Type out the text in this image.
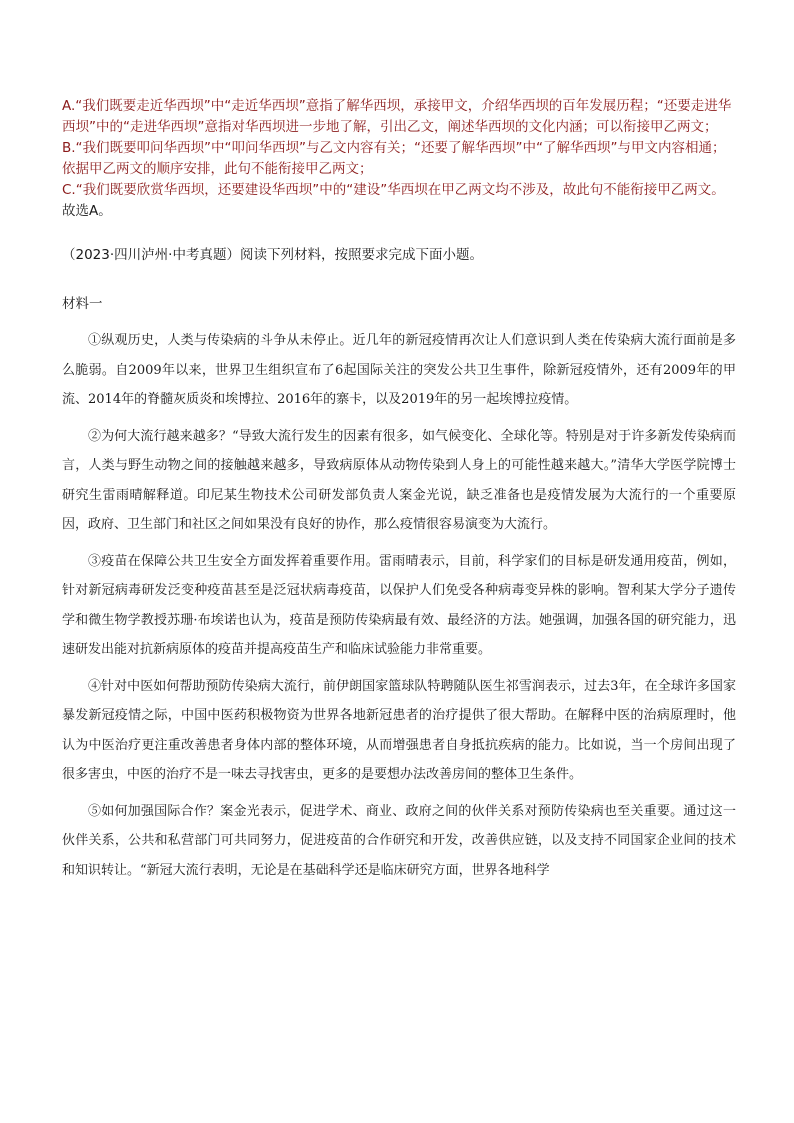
A.“我们既要走近华西坝”中“走近华西坝”意指了解华西坝，承接甲文，介绍华西坝的百年发展历程；“还要走进华西坝”中的“走进华西坝”意指对华西坝进一步地了解，引出乙文，阐述华西坝的文化内涵；可以衔接甲乙两文；

B.“我们既要叩问华西坝”中“叩问华西坝”与乙文内容有关；“还要了解华西坝”中“了解华西坝”与甲文内容相通；依据甲乙两文的顺序安排，此句不能衔接甲乙两文；

C.“我们既要欣赏华西坝，还要建设华西坝”中的“建设”华西坝在甲乙两文均不涉及，故此句不能衔接甲乙两文。

故选A。

（2023·四川泸州·中考真题）阅读下列材料，按照要求完成下面小题。
材料一

①纵观历史，人类与传染病的斗争从未停止。近几年的新冠疫情再次让人们意识到人类在传染病大流行面前是多么脆弱。自2009年以来，世界卫生组织宣布了6起国际关注的突发公共卫生事件，除新冠疫情外，还有2009年的甲流、2014年的脊髓灰质炎和埃博拉、2016年的寨卡，以及2019年的另一起埃博拉疫情。

②为何大流行越来越多？“导致大流行发生的因素有很多，如气候变化、全球化等。特别是对于许多新发传染病而言，人类与野生动物之间的接触越来越多，导致病原体从动物传染到人身上的可能性越来越大。”清华大学医学院博士研究生雷雨晴解释道。印尼某生物技术公司研发部负责人案金光说，缺乏准备也是疫情发展为大流行的一个重要原因，政府、卫生部门和社区之间如果没有良好的协作，那么疫情很容易演变为大流行。

③疫苗在保障公共卫生安全方面发挥着重要作用。雷雨晴表示，目前，科学家们的目标是研发通用疫苗，例如，针对新冠病毒研发泛变种疫苗甚至是泛冠状病毒疫苗，以保护人们免受各种病毒变异株的影响。智利某大学分子遗传学和微生物学教授苏珊·布埃诺也认为，疫苗是预防传染病最有效、最经济的方法。她强调，加强各国的研究能力，迅速研发出能对抗新病原体的疫苗并提高疫苗生产和临床试验能力非常重要。

④针对中医如何帮助预防传染病大流行，前伊朗国家篮球队特聘随队医生祁雪润表示，过去3年，在全球许多国家暴发新冠疫情之际，中国中医药积极物资为世界各地新冠患者的治疗提供了很大帮助。在解释中医的治病原理时，他认为中医治疗更注重改善患者身体内部的整体环境，从而增强患者自身抵抗疾病的能力。比如说，当一个房间出现了很多害虫，中医的治疗不是一味去寻找害虫，更多的是要想办法改善房间的整体卫生条件。

⑤如何加强国际合作？案金光表示，促进学术、商业、政府之间的伙伴关系对预防传染病也至关重要。通过这一伙伴关系，公共和私营部门可共同努力，促进疫苗的合作研究和开发，改善供应链，以及支持不同国家企业间的技术和知识转让。“新冠大流行表明，无论是在基础科学还是临床研究方面，世界各地科学
